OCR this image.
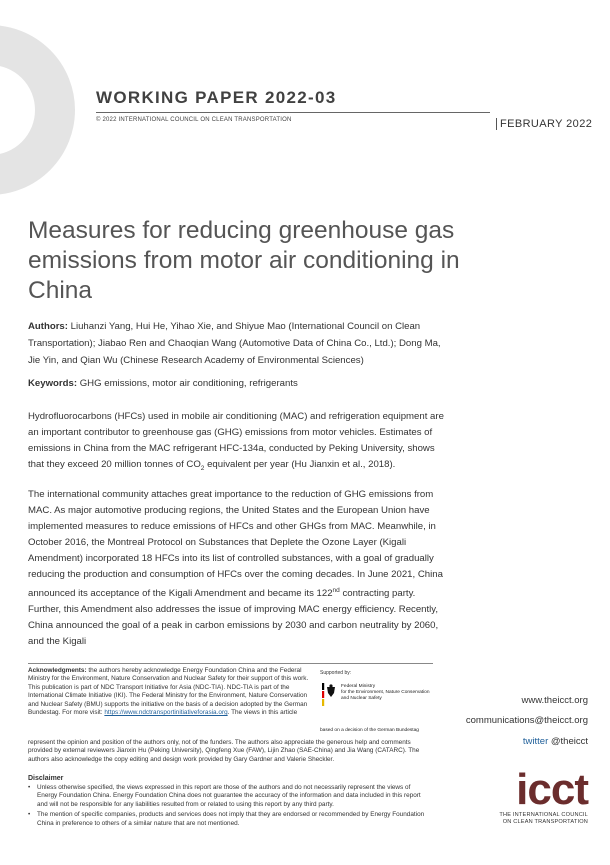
WORKING PAPER 2022-03
© 2022 INTERNATIONAL COUNCIL ON CLEAN TRANSPORTATION	FEBRUARY 2022
Measures for reducing greenhouse gas emissions from motor air conditioning in China

Authors: Liuhanzi Yang, Hui He, Yihao Xie, and Shiyue Mao (International Council on Clean Transportation); Jiabao Ren and Chaoqian Wang (Automotive Data of China Co., Ltd.); Dong Ma, Jie Yin, and Qian Wu (Chinese Research Academy of Environmental Sciences)

Keywords: GHG emissions, motor air conditioning, refrigerants

Hydrofluorocarbons (HFCs) used in mobile air conditioning (MAC) and refrigeration equipment are an important contributor to greenhouse gas (GHG) emissions from motor vehicles. Estimates of emissions in China from the MAC refrigerant HFC-134a, conducted by Peking University, shows that they exceed 20 million tonnes of $CO_2$ equivalent per year (Hu Jianxin et al., 2018).

The international community attaches great importance to the reduction of GHG emissions from MAC. As major automotive producing regions, the United States and the European Union have implemented measures to reduce emissions of HFCs and other GHGs from MAC. Meanwhile, in October 2016, the Montreal Protocol on Substances that Deplete the Ozone Layer (Kigali Amendment) incorporated 18 HFCs into its list of controlled substances, with a goal of gradually reducing the production and consumption of HFCs over the coming decades. In June 2021, China announced its acceptance of the Kigali Amendment and became its 122nd contracting party. Further, this Amendment also addresses the issue of improving MAC energy efficiency. Recently, China announced the goal of a peak in carbon emissions by 2030 and carbon neutrality by 2060, and the Kigali

Acknowledgments: the authors hereby acknowledge Energy Foundation China and the Federal Ministry for the Environment, Nature Conservation and Nuclear Safety for their support of this work. This publication is part of NDC Transport Initiative for Asia (NDC-TIA). NDC-TIA is part of the International Climate Initiative (IKI). The Federal Ministry for the Environment, Nature Conservation and Nuclear Safety (BMU) supports the initiative on the basis of a decision adopted by the German Bundestag. For more visit: https://www.ndctransportinitiativeforasia.org. The views in this article

represent the opinion and position of the authors only, not of the funders. The authors also appreciate the generous help and comments provided by external reviewers Jianxin Hu (Peking University), Qingfeng Xue (FAW), Lijin Zhao (SAE-China) and Jia Wang (CATARC). The authors also acknowledge the copy editing and design work provided by Gary Gardner and Valerie Sheckler.

Supported by:
Federal Ministry
for the Environment, Nature Conservation
and Nuclear Safety
based on a decision of the German Bundestag
Disclaimer
• Unless otherwise specified, the views expressed in this report are those of the authors and do not necessarily represent the views of Energy Foundation China. Energy Foundation China does not guarantee the accuracy of the information and data included in this report and will not be responsible for any liabilities resulted from or related to using this report by any third party.
• The mention of specific companies, products and services does not imply that they are endorsed or recommended by Energy Foundation China in preference to others of a similar nature that are not mentioned.
www.theicct.org
communications@theicct.org
twitter @theicct
icct
THE INTERNATIONAL COUNCIL
ON CLEAN TRANSPORTATION
